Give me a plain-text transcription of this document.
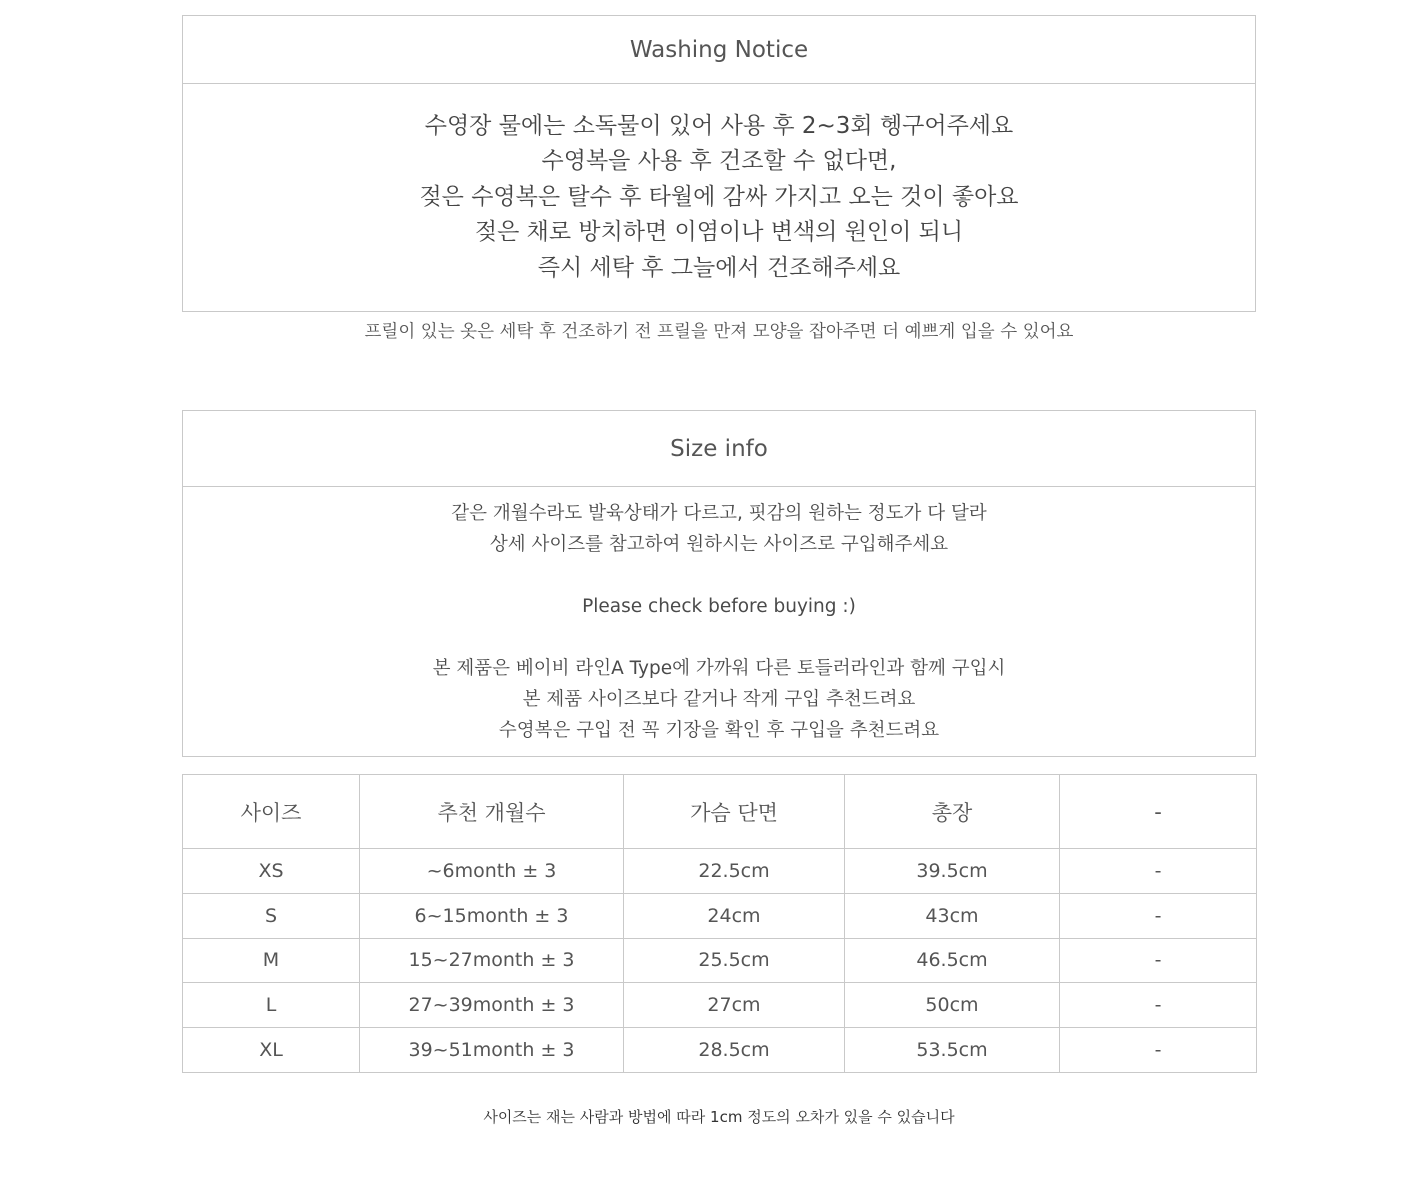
Washing Notice
수영장 물에는 소독물이 있어 사용 후 2~3회 헹구어주세요
수영복을 사용 후 건조할 수 없다면,
젖은 수영복은 탈수 후 타월에 감싸 가지고 오는 것이 좋아요
젖은 채로 방치하면 이염이나 변색의 원인이 되니
즉시 세탁 후 그늘에서 건조해주세요
프릴이 있는 옷은 세탁 후 건조하기 전 프릴을 만져 모양을 잡아주면 더 예쁘게 입을 수 있어요
Size info
같은 개월수라도 발육상태가 다르고, 핏감의 원하는 정도가 다 달라
상세 사이즈를 참고하여 원하시는 사이즈로 구입해주세요
Please check before buying :)
본 제품은 베이비 라인A Type에 가까워 다른 토들러라인과 함께 구입시
본 제품 사이즈보다 같거나 작게 구입 추천드려요
수영복은 구입 전 꼭 기장을 확인 후 구입을 추천드려요
사이즈	추천 개월수	가슴 단면	총장	-
XS	~6month ± 3	22.5cm	39.5cm	-
S	6~15month ± 3	24cm	43cm	-
M	15~27month ± 3	25.5cm	46.5cm	-
L	27~39month ± 3	27cm	50cm	-
XL	39~51month ± 3	28.5cm	53.5cm	-
사이즈는 재는 사람과 방법에 따라 1cm 정도의 오차가 있을 수 있습니다
